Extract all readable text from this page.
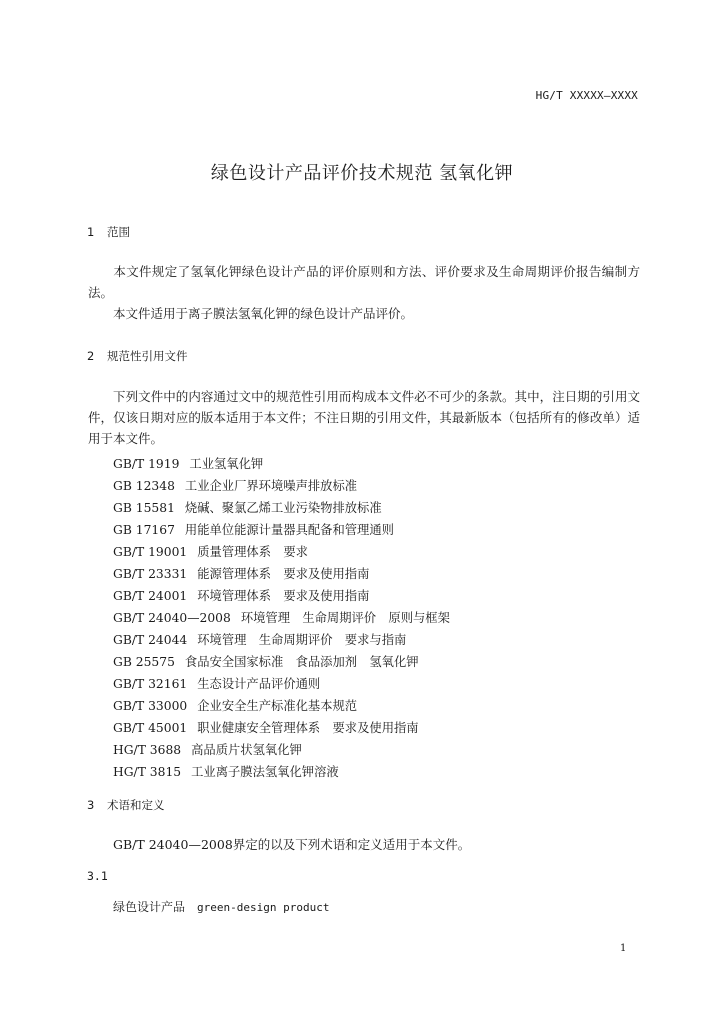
HG/T XXXXX—XXXX
绿色设计产品评价技术规范 氢氧化钾
1 范围
本文件规定了氢氧化钾绿色设计产品的评价原则和方法、评价要求及生命周期评价报告编制方法。
本文件适用于离子膜法氢氧化钾的绿色设计产品评价。
2 规范性引用文件
下列文件中的内容通过文中的规范性引用而构成本文件必不可少的条款。其中，注日期的引用文件，仅该日期对应的版本适用于本文件；不注日期的引用文件，其最新版本（包括所有的修改单）适用于本文件。
GB/T 1919 工业氢氧化钾
GB 12348 工业企业厂界环境噪声排放标准
GB 15581 烧碱、聚氯乙烯工业污染物排放标准
GB 17167 用能单位能源计量器具配备和管理通则
GB/T 19001 质量管理体系　要求
GB/T 23331 能源管理体系　要求及使用指南
GB/T 24001 环境管理体系　要求及使用指南
GB/T 24040—2008 环境管理　生命周期评价　原则与框架
GB/T 24044 环境管理　生命周期评价　要求与指南
GB 25575 食品安全国家标准　食品添加剂　氢氧化钾
GB/T 32161 生态设计产品评价通则
GB/T 33000 企业安全生产标准化基本规范
GB/T 45001 职业健康安全管理体系　要求及使用指南
HG/T 3688 高品质片状氢氧化钾
HG/T 3815 工业离子膜法氢氧化钾溶液
3 术语和定义
GB/T 24040—2008界定的以及下列术语和定义适用于本文件。
3.1
绿色设计产品 green-design product
1
